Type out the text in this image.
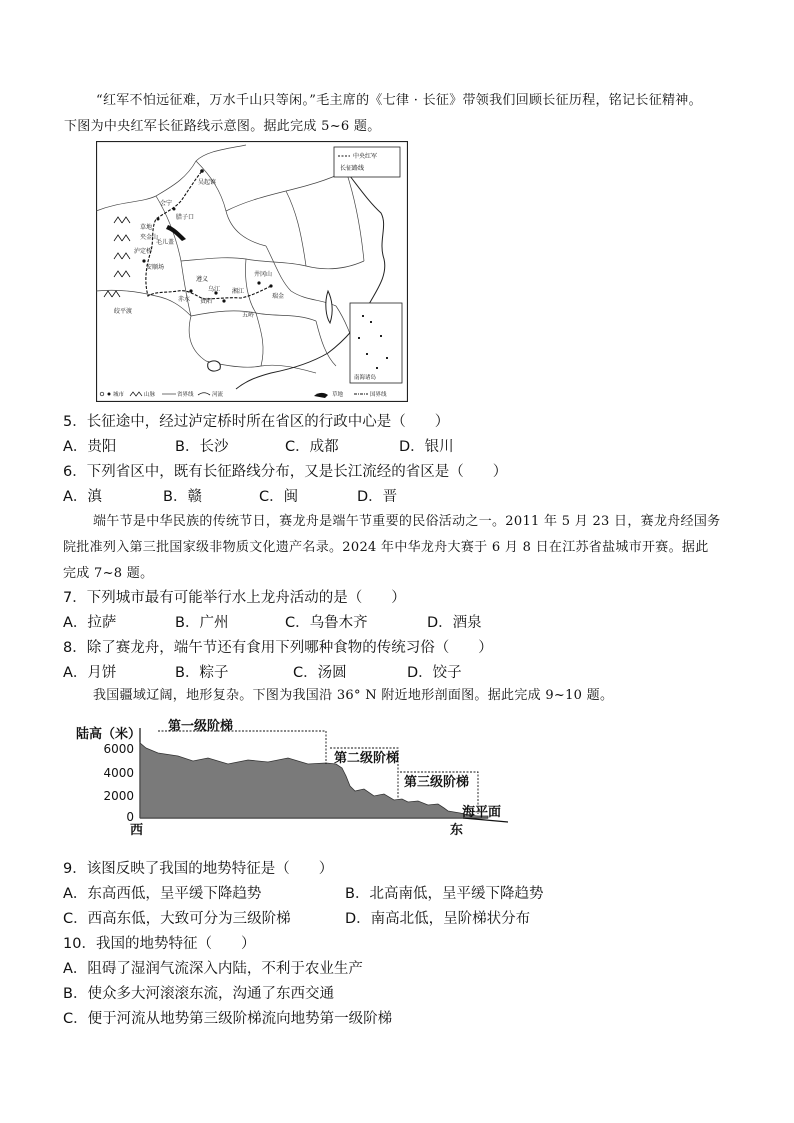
“红军不怕远征难，万水千山只等闲。”毛主席的《七律 · 长征》带领我们回顾长征历程，铭记长征精神。
下图为中央红军长征路线示意图。据此完成 5~6 题。
中央红军
长征路线
南海诸岛
吴起镇
会宁
腊子口
草地
夹金山
毛儿盖
泸定桥
安顺场
遵义
井冈山
瑞金
赤水 贵阳
乌江 湘江
五岭
皎平渡
城市	山脉	省界线	河流	草地	国界线
5．长征途中，经过泸定桥时所在省区的行政中心是（　　）
A．贵阳	B．长沙	C．成都	D．银川
6．下列省区中，既有长征路线分布，又是长江流经的省区是（　　）
A．滇	B．赣	C．闽	D．晋
端午节是中华民族的传统节日，赛龙舟是端午节重要的民俗活动之一。2011 年 5 月 23 日，赛龙舟经国务
院批准列入第三批国家级非物质文化遗产名录。2024 年中华龙舟大赛于 6 月 8 日在江苏省盐城市开赛。据此
完成 7~8 题。
7．下列城市最有可能举行水上龙舟活动的是（　　）
A．拉萨	B．广州	C．乌鲁木齐	D．酒泉
8．除了赛龙舟，端午节还有食用下列哪种食物的传统习俗（　　）
A．月饼	B．粽子	C．汤圆	D．饺子
我国疆域辽阔，地形复杂。下图为我国沿 36° N 附近地形剖面图。据此完成 9~10 题。
陆高（米）
6000
4000
2000
0
第一级阶梯
第二级阶梯
第三级阶梯
海平面
西	东
9．该图反映了我国的地势特征是（　　）
A．东高西低，呈平缓下降趋势	B．北高南低，呈平缓下降趋势
C．西高东低，大致可分为三级阶梯	D．南高北低，呈阶梯状分布
10．我国的地势特征（　　）
A．阻碍了湿润气流深入内陆，不利于农业生产
B．使众多大河滚滚东流，沟通了东西交通
C．便于河流从地势第三级阶梯流向地势第一级阶梯
